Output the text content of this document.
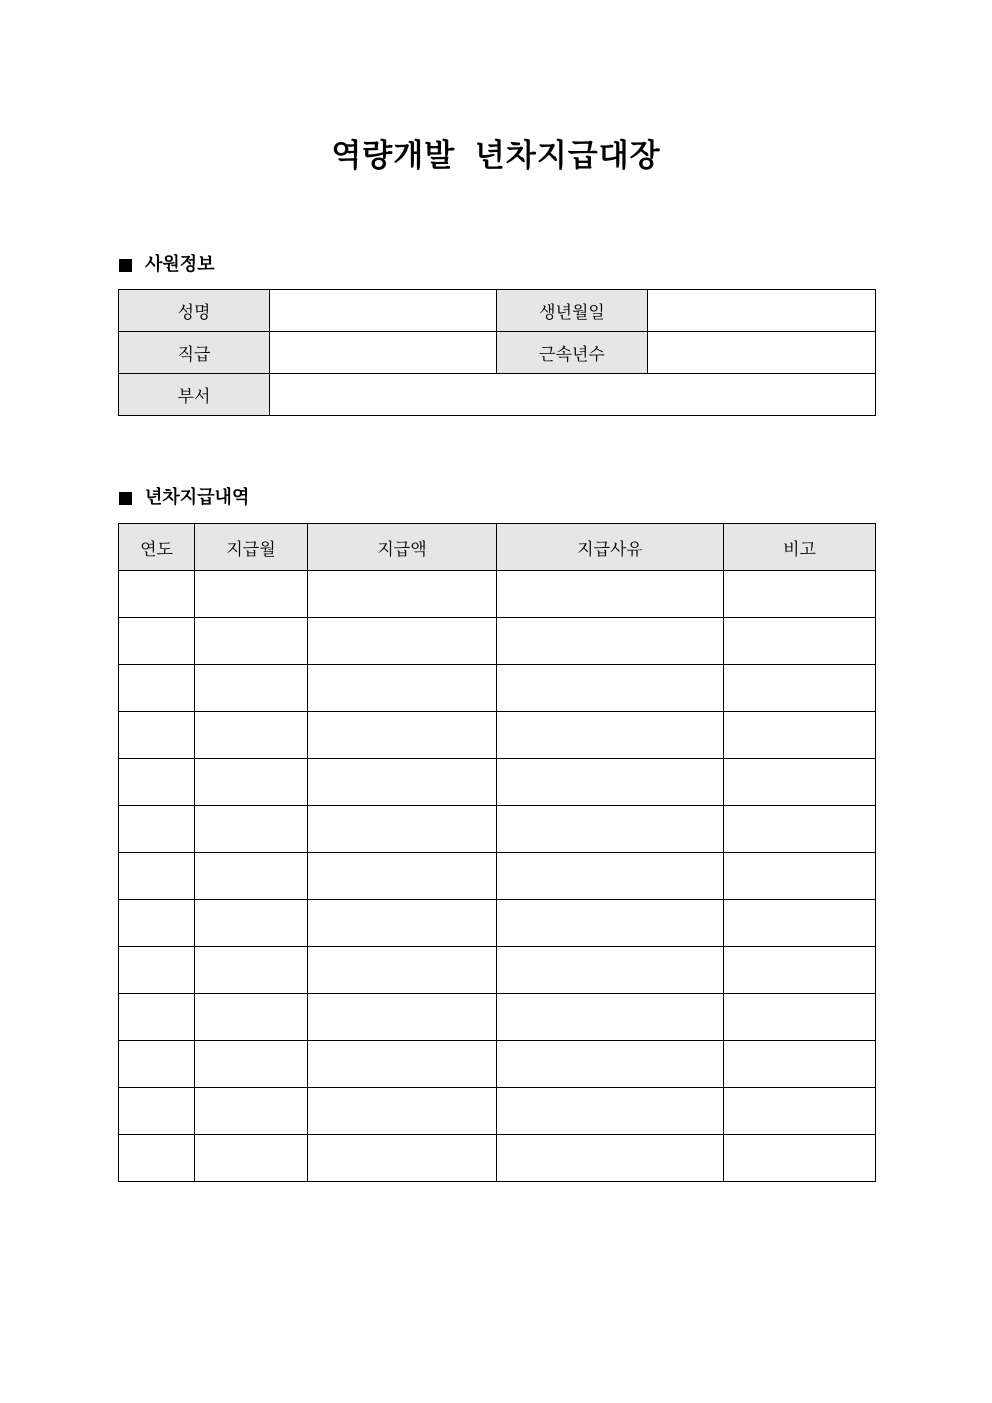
역량개발 년차지급대장
사원정보
성명		생년월일	
직급		근속년수	
부서			
년차지급내역
연도	지급월	지급액	지급사유	비고
